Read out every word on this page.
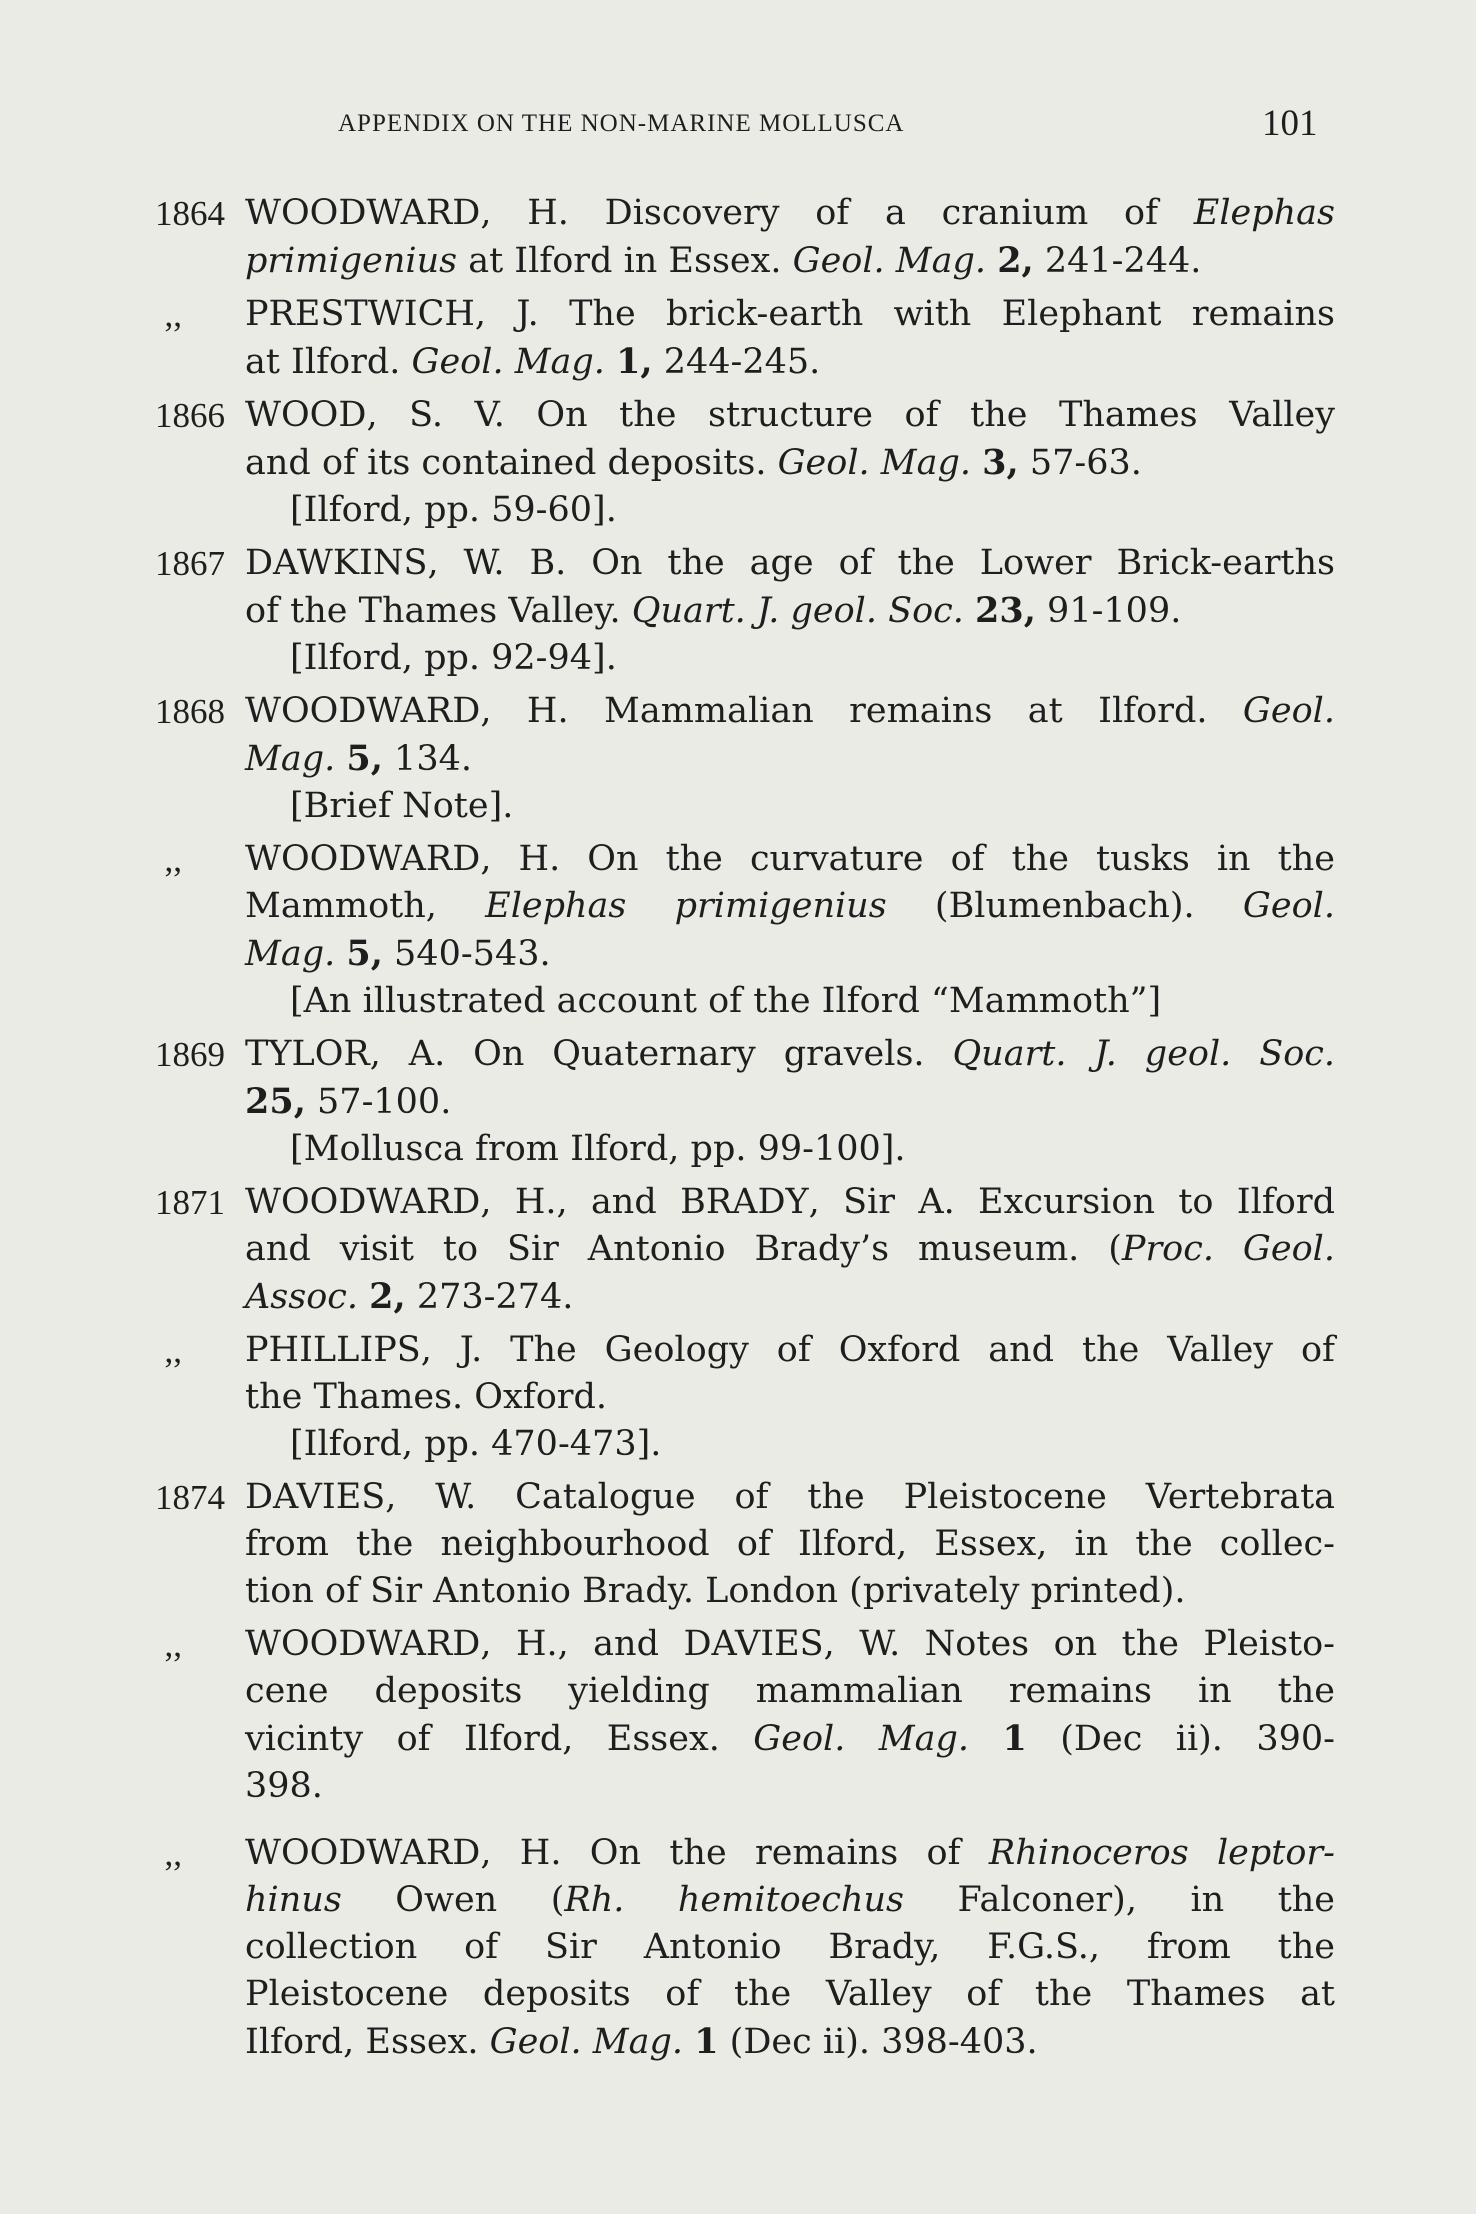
APPENDIX ON THE NON-MARINE MOLLUSCA	101
1864 WOODWARD, H. Discovery of a cranium of Elephas
primigenius at Ilford in Essex. Geol. Mag. 2, 241-244.
,, PRESTWICH, J. The brick-earth with Elephant remains
at Ilford. Geol. Mag. 1, 244-245.
1866 WOOD, S. V. On the structure of the Thames Valley
and of its contained deposits. Geol. Mag. 3, 57-63.
[Ilford, pp. 59-60].
1867 DAWKINS, W. B. On the age of the Lower Brick-earths
of the Thames Valley. Quart. J. geol. Soc. 23, 91-109.
[Ilford, pp. 92-94].
1868 WOODWARD, H. Mammalian remains at Ilford. Geol.
Mag. 5, 134.
[Brief Note].
,, WOODWARD, H. On the curvature of the tusks in the
Mammoth, Elephas primigenius (Blumenbach). Geol.
Mag. 5, 540-543.
[An illustrated account of the Ilford “Mammoth”]
1869 TYLOR, A. On Quaternary gravels. Quart. J. geol. Soc.
25, 57-100.
[Mollusca from Ilford, pp. 99-100].
1871 WOODWARD, H., and BRADY, Sir A. Excursion to Ilford
and visit to Sir Antonio Brady’s museum. (Proc. Geol.
Assoc. 2, 273-274.
,, PHILLIPS, J. The Geology of Oxford and the Valley of
the Thames. Oxford.
[Ilford, pp. 470-473].
1874 DAVIES, W. Catalogue of the Pleistocene Vertebrata
from the neighbourhood of Ilford, Essex, in the collec-
tion of Sir Antonio Brady. London (privately printed).
,, WOODWARD, H., and DAVIES, W. Notes on the Pleisto-
cene deposits yielding mammalian remains in the
vicinty of Ilford, Essex. Geol. Mag. 1 (Dec ii). 390-
398.
,, WOODWARD, H. On the remains of Rhinoceros leptor-
hinus Owen (Rh. hemitoechus Falconer), in the
collection of Sir Antonio Brady, F.G.S., from the
Pleistocene deposits of the Valley of the Thames at
Ilford, Essex. Geol. Mag. 1 (Dec ii). 398-403.
